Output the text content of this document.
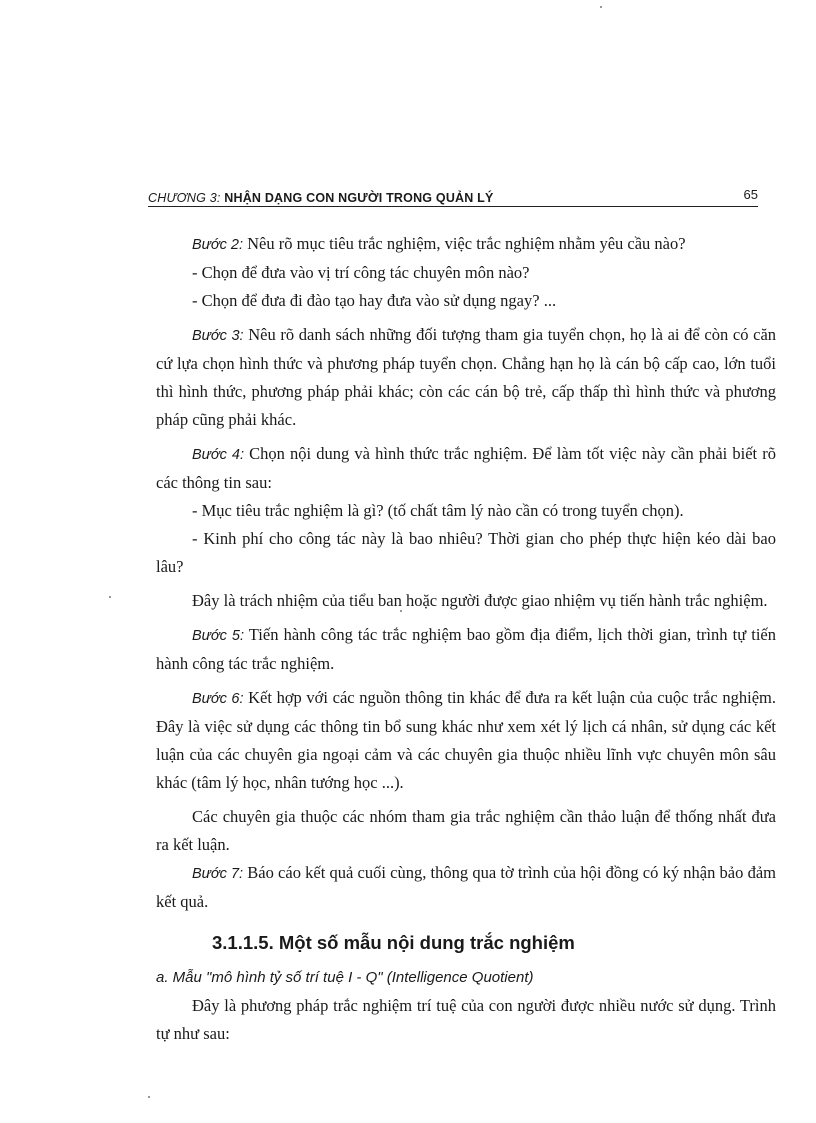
CHƯƠNG 3: NHẬN DẠNG CON NGƯỜI TRONG QUẢN LÝ	65

Bước 2: Nêu rõ mục tiêu trắc nghiệm, việc trắc nghiệm nhằm yêu cầu nào?

- Chọn để đưa vào vị trí công tác chuyên môn nào?

- Chọn để đưa đi đào tạo hay đưa vào sử dụng ngay? ...

Bước 3: Nêu rõ danh sách những đối tượng tham gia tuyển chọn, họ là ai để còn có căn cứ lựa chọn hình thức và phương pháp tuyển chọn. Chẳng hạn họ là cán bộ cấp cao, lớn tuổi thì hình thức, phương pháp phải khác; còn các cán bộ trẻ, cấp thấp thì hình thức và phương pháp cũng phải khác.

Bước 4: Chọn nội dung và hình thức trắc nghiệm. Để làm tốt việc này cần phải biết rõ các thông tin sau:

- Mục tiêu trắc nghiệm là gì? (tố chất tâm lý nào cần có trong tuyển chọn).

- Kinh phí cho công tác này là bao nhiêu? Thời gian cho phép thực hiện kéo dài bao lâu?

Đây là trách nhiệm của tiểu ban hoặc người được giao nhiệm vụ tiến hành trắc nghiệm.

Bước 5: Tiến hành công tác trắc nghiệm bao gồm địa điểm, lịch thời gian, trình tự tiến hành công tác trắc nghiệm.

Bước 6: Kết hợp với các nguồn thông tin khác để đưa ra kết luận của cuộc trắc nghiệm. Đây là việc sử dụng các thông tin bổ sung khác như xem xét lý lịch cá nhân, sử dụng các kết luận của các chuyên gia ngoại cảm và các chuyên gia thuộc nhiều lĩnh vực chuyên môn sâu khác (tâm lý học, nhân tướng học ...).

Các chuyên gia thuộc các nhóm tham gia trắc nghiệm cần thảo luận để thống nhất đưa ra kết luận.

Bước 7: Báo cáo kết quả cuối cùng, thông qua tờ trình của hội đồng có ký nhận bảo đảm kết quả.

3.1.1.5. Một số mẫu nội dung trắc nghiệm

a. Mẫu "mô hình tỷ số trí tuệ I - Q" (Intelligence Quotient)

Đây là phương pháp trắc nghiệm trí tuệ của con người được nhiều nước sử dụng. Trình tự như sau:
